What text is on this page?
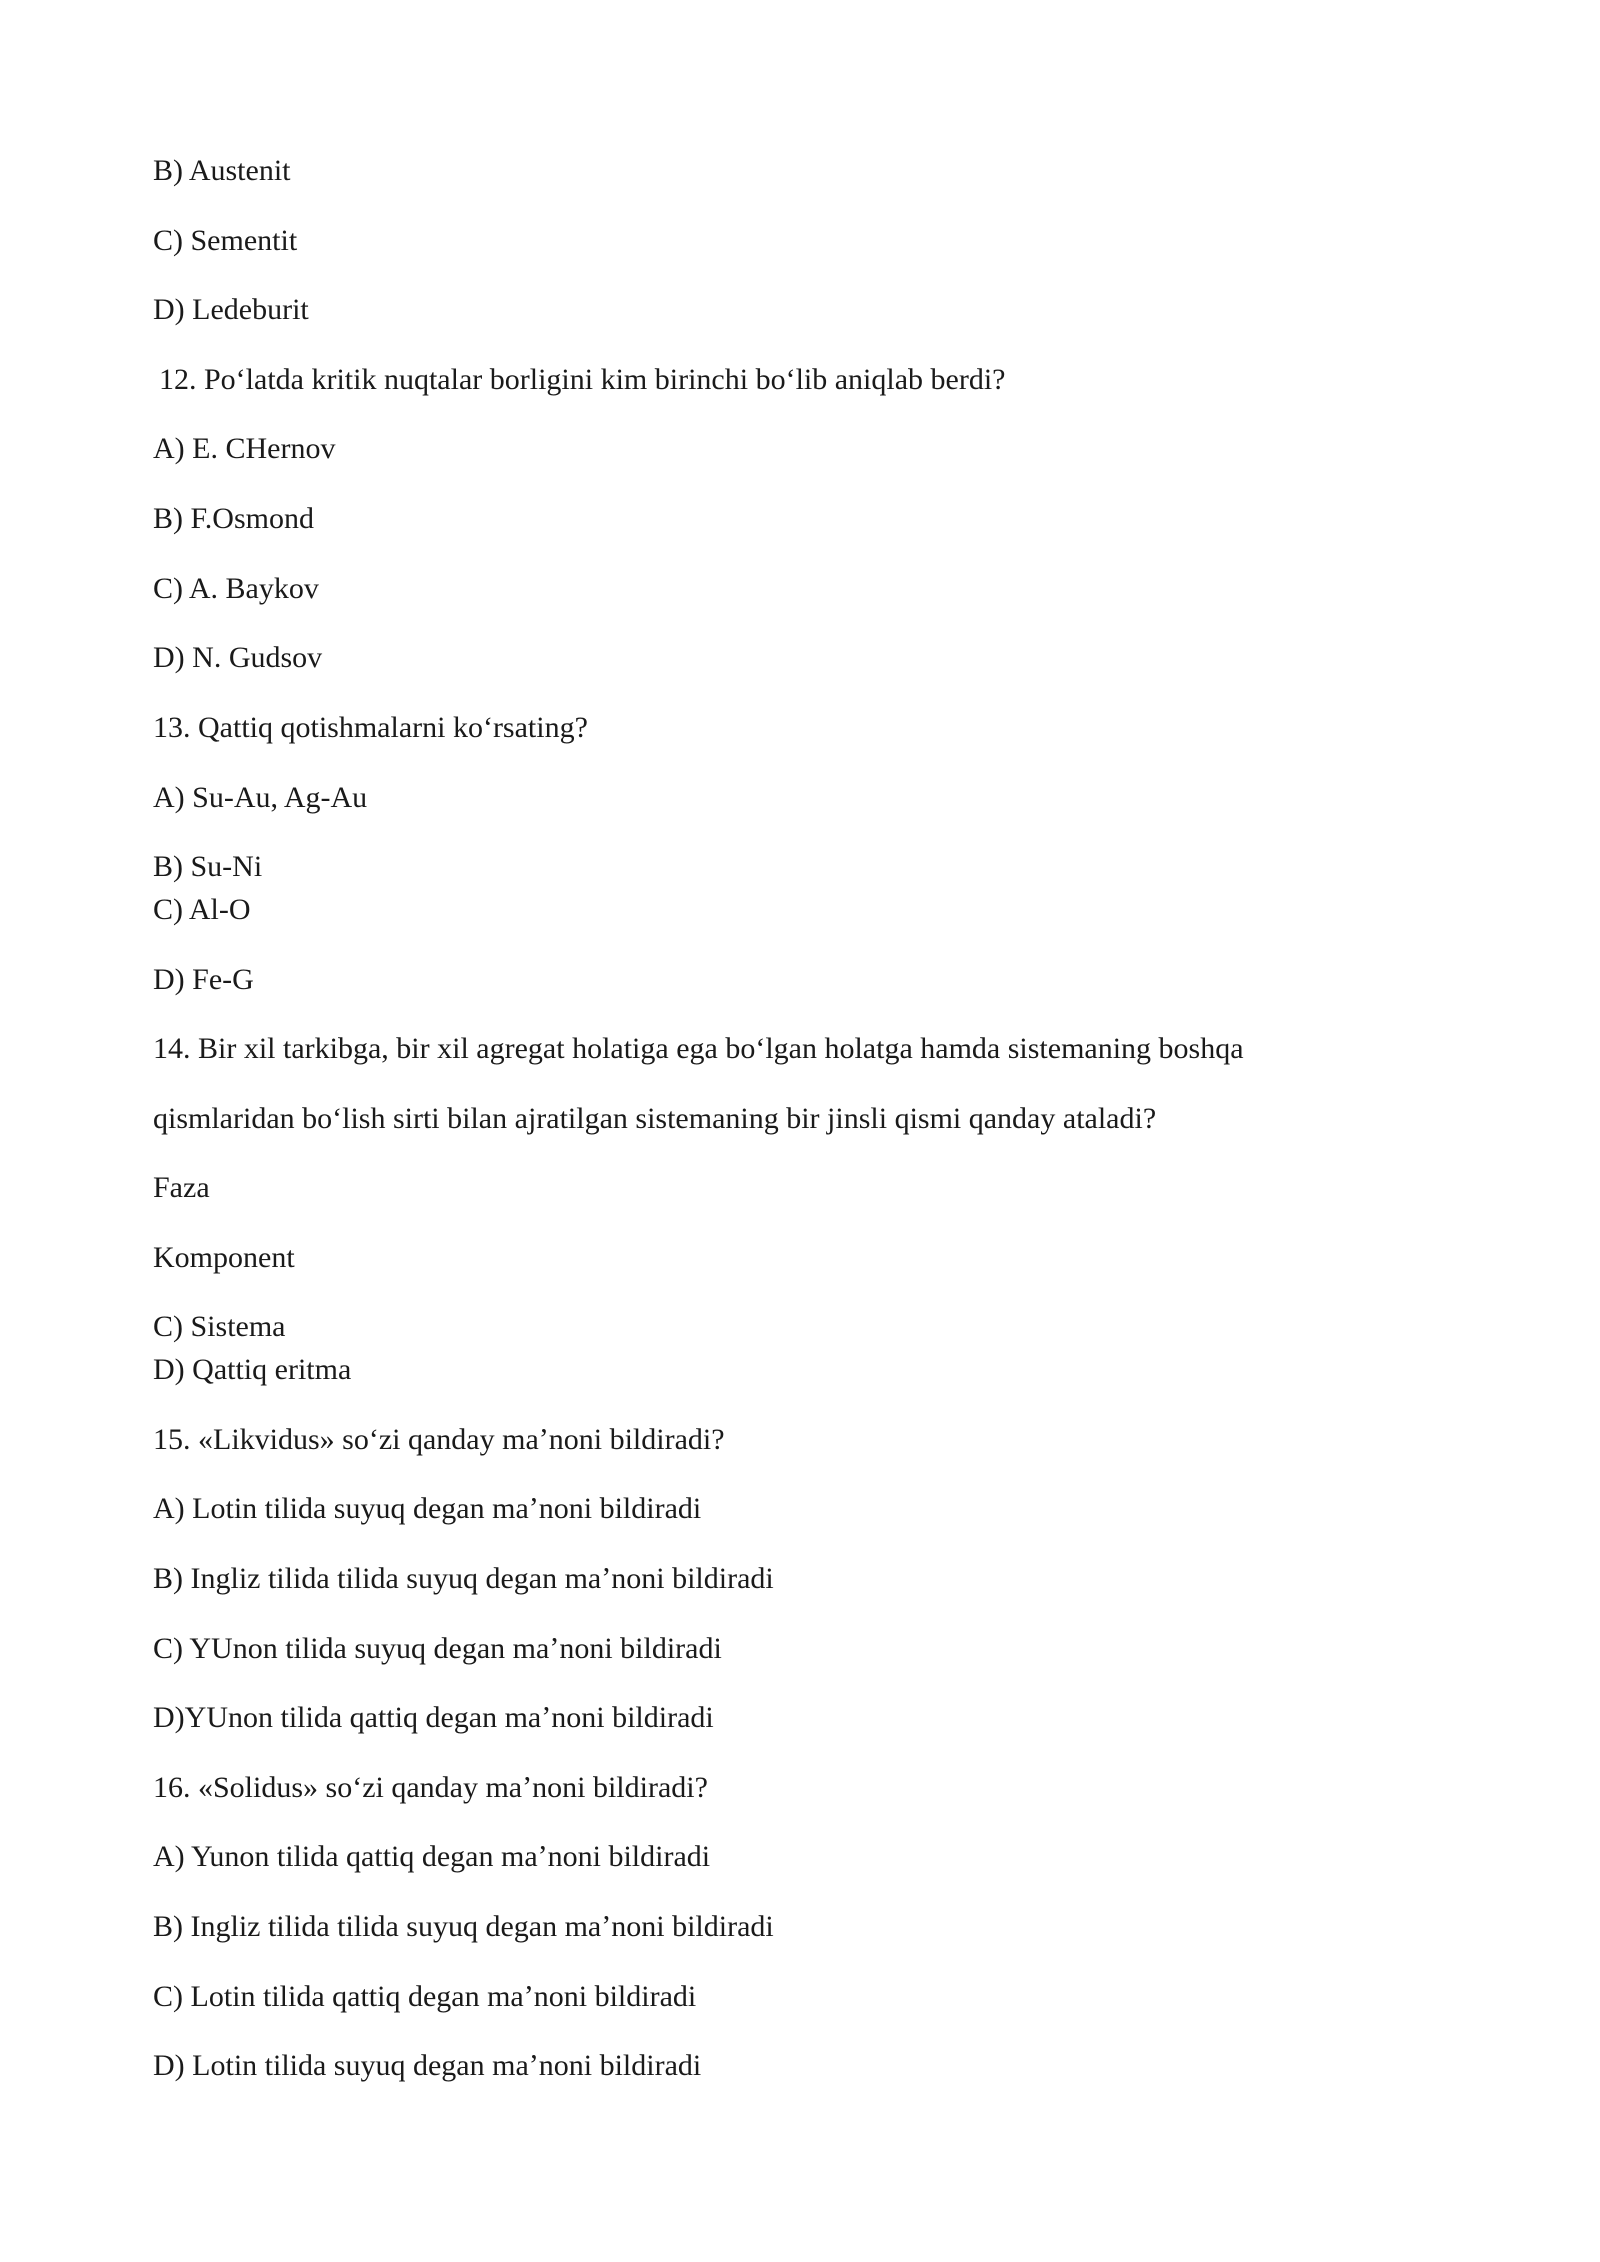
B) Austenit
C) Sementit
D) Ledeburit
12. Poʻlatda kritik nuqtalar borligini kim birinchi boʻlib aniqlab berdi?
A) E. CHernov
B) F.Osmond
C) A. Baykov
D) N. Gudsov
13. Qattiq qotishmalarni koʻrsating?
A) Su-Au, Ag-Au
B) Su-Ni
C) Al-O
D) Fe-G
14. Bir xil tarkibga, bir xil agregat holatiga ega boʻlgan holatga hamda sistemaning boshqa
qismlaridan boʻlish sirti bilan ajratilgan sistemaning bir jinsli qismi qanday ataladi?
Faza
Komponent
C) Sistema
D) Qattiq eritma
15. «Likvidus» soʻzi qanday maʼnoni bildiradi?
A) Lotin tilida suyuq degan maʼnoni bildiradi
B) Ingliz tilida tilida suyuq degan maʼnoni bildiradi
C) YUnon tilida suyuq degan maʼnoni bildiradi
D)YUnon tilida qattiq degan maʼnoni bildiradi
16. «Solidus» soʻzi qanday maʼnoni bildiradi?
A) Yunon tilida qattiq degan maʼnoni bildiradi
B) Ingliz tilida tilida suyuq degan maʼnoni bildiradi
C) Lotin tilida qattiq degan maʼnoni bildiradi
D) Lotin tilida suyuq degan maʼnoni bildiradi
